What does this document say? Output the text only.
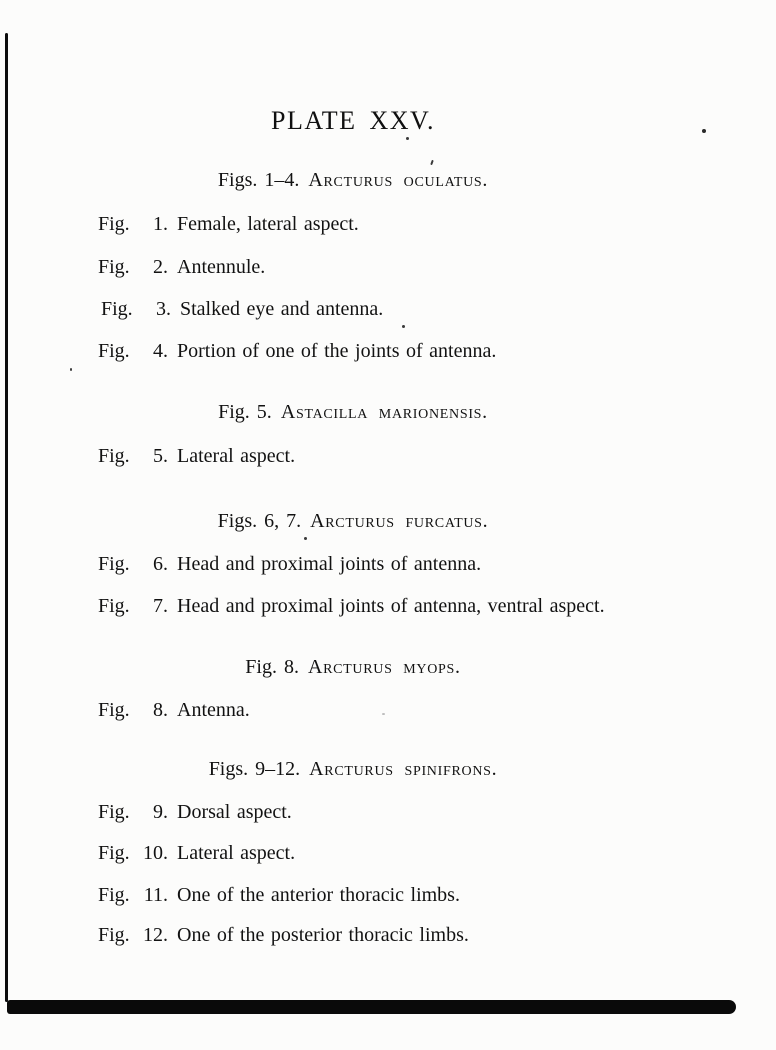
PLATE XXV.
Figs. 1–4. Arcturus oculatus.
Fig.	1. Female, lateral aspect.
Fig.	2. Antennule.
Fig.	3. Stalked eye and antenna.
Fig.	4. Portion of one of the joints of antenna.
Fig. 5. Astacilla marionensis.
Fig.	5. Lateral aspect.
Figs. 6, 7. Arcturus furcatus.
Fig.	6. Head and proximal joints of antenna.
Fig.	7. Head and proximal joints of antenna, ventral aspect.
Fig. 8. Arcturus myops.
Fig.	8. Antenna.
Figs. 9–12. Arcturus spinifrons.
Fig.	9. Dorsal aspect.
Fig. 10. Lateral aspect.
Fig. 11. One of the anterior thoracic limbs.
Fig. 12. One of the posterior thoracic limbs.
